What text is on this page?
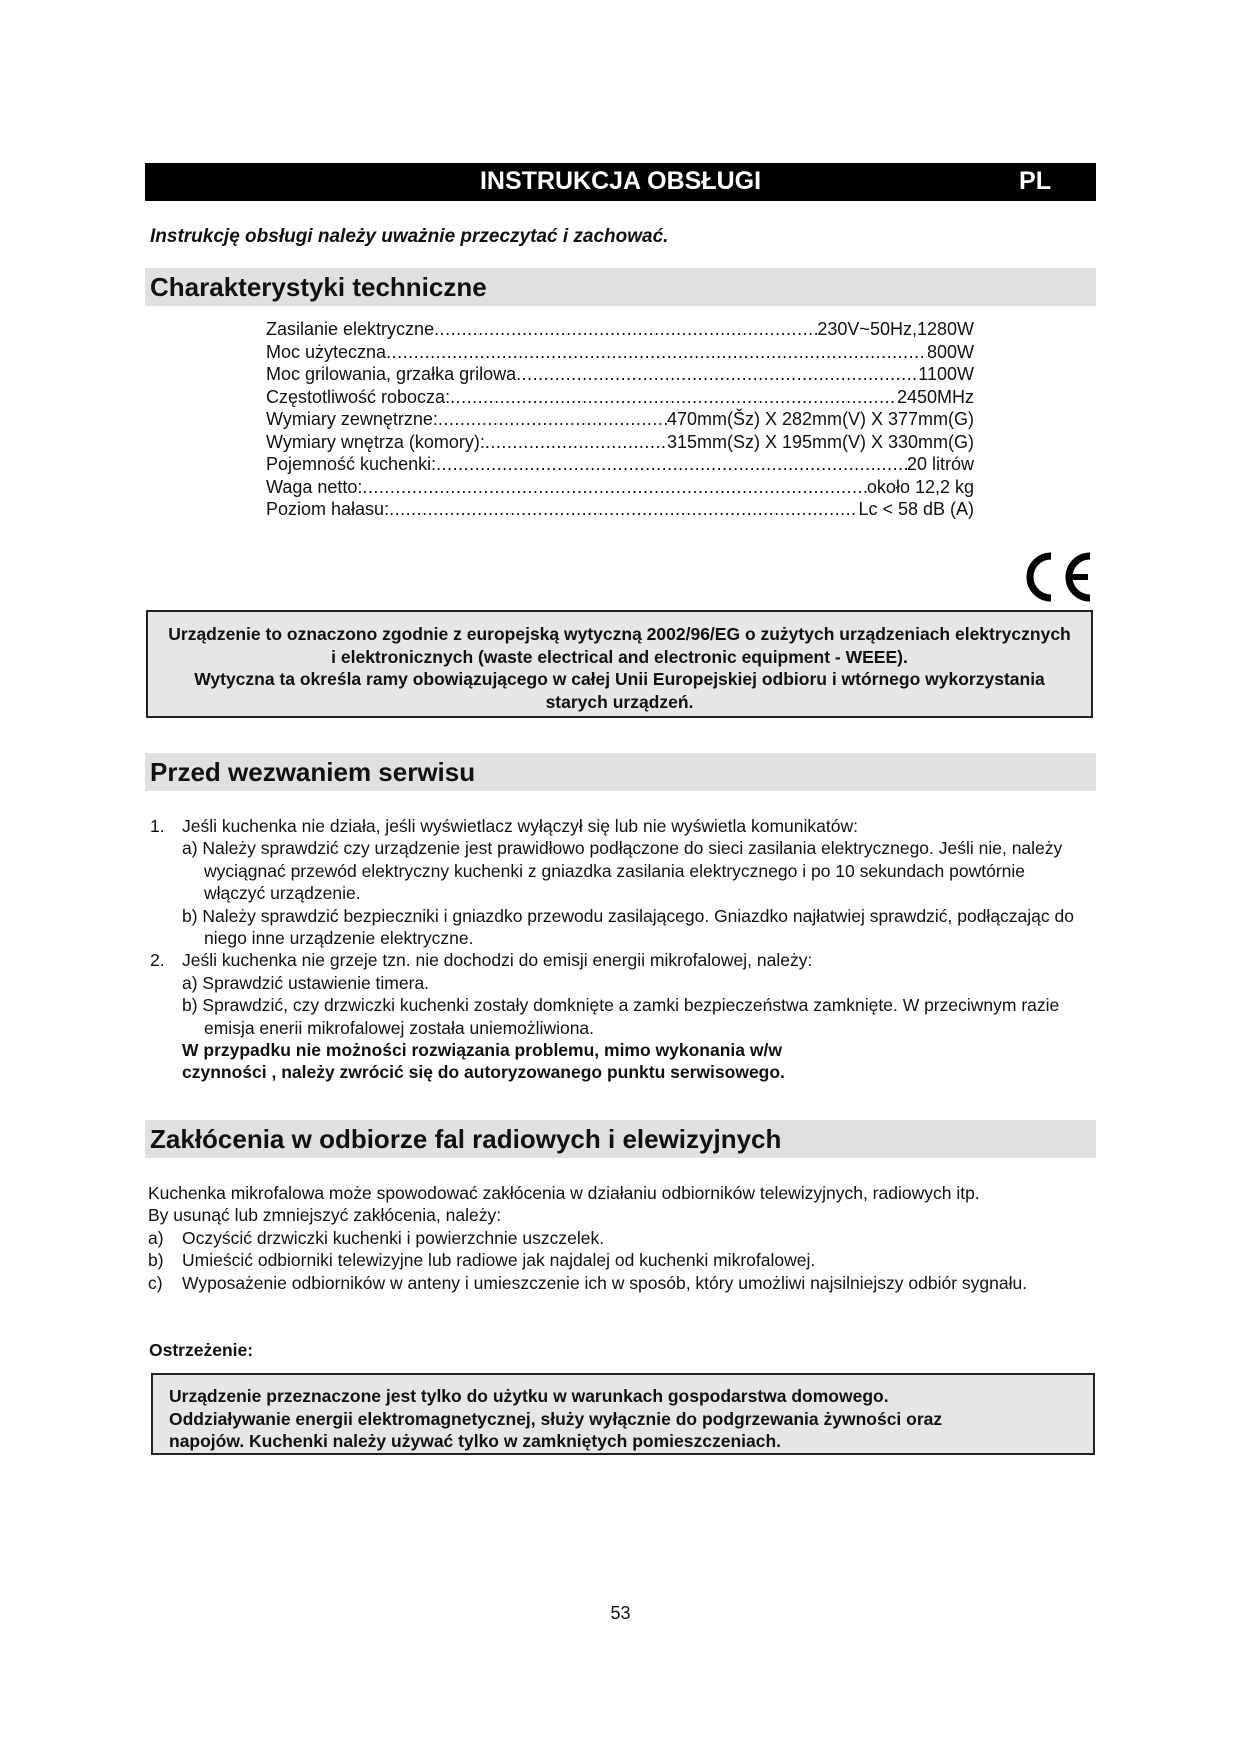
INSTRUKCJA OBSŁUGI	PL
Instrukcję obsługi należy uważnie przeczytać i zachować.
Charakterystyki techniczne
Zasilanie elektryczne .....	230V~50Hz,1280W
Moc użyteczna .....	800W
Moc grilowania, grzałka grilowa .....	1100W
Częstotliwość robocza: .....	2450MHz
Wymiary zewnętrzne: .....	470mm(Šz) X 282mm(V) X 377mm(G)
Wymiary wnętrza (komory): .....	315mm(Sz) X 195mm(V) X 330mm(G)
Pojemność kuchenki: .....	20 litrów
Waga netto: .....	około 12,2 kg
Poziom hałasu: .....	Lc < 58 dB (A)
Urządzenie to oznaczono zgodnie z europejską wytyczną 2002/96/EG o zużytych urządzeniach elektrycznych i elektronicznych (waste electrical and electronic equipment - WEEE).
Wytyczna ta określa ramy obowiązującego w całej Unii Europejskiej odbioru i wtórnego wykorzystania starych urządzeń.
Przed wezwaniem serwisu
1. Jeśli kuchenka nie działa, jeśli wyświetlacz wyłączył się lub nie wyświetla komunikatów:
a) Należy sprawdzić czy urządzenie jest prawidłowo podłączone do sieci zasilania elektrycznego. Jeśli nie, należy wyciągnać przewód elektryczny kuchenki z gniazdka zasilania elektrycznego i po 10 sekundach powtórnie włączyć urządzenie.
b) Należy sprawdzić bezpieczniki i gniazdko przewodu zasilającego. Gniazdko najłatwiej sprawdzić, podłączając do niego inne urządzenie elektryczne.
2. Jeśli kuchenka nie grzeje tzn. nie dochodzi do emisji energii mikrofalowej, należy:
a) Sprawdzić ustawienie timera.
b) Sprawdzić, czy drzwiczki kuchenki zostały domknięte a zamki bezpieczeństwa zamknięte. W przeciwnym razie emisja enerii mikrofalowej została uniemożliwiona.
W przypadku nie możności rozwiązania problemu, mimo wykonania w/w
czynności , należy zwrócić się do autoryzowanego punktu serwisowego.
Zakłócenia w odbiorze fal radiowych i elewizyjnych
Kuchenka mikrofalowa może spowodować zakłócenia w działaniu odbiorników telewizyjnych, radiowych itp.
By usunąć lub zmniejszyć zakłócenia, należy:
a) Oczyścić drzwiczki kuchenki i powierzchnie uszczelek.
b) Umieścić odbiorniki telewizyjne lub radiowe jak najdalej od kuchenki mikrofalowej.
c) Wyposażenie odbiorników w anteny i umieszczenie ich w sposób, który umożliwi najsilniejszy odbiór sygnału.
Ostrzeżenie:
Urządzenie przeznaczone jest tylko do użytku w warunkach gospodarstwa domowego.
Oddziaływanie energii elektromagnetycznej, służy wyłącznie do podgrzewania żywności oraz
napojów. Kuchenki należy używać tylko w zamkniętych pomieszczeniach.
53
